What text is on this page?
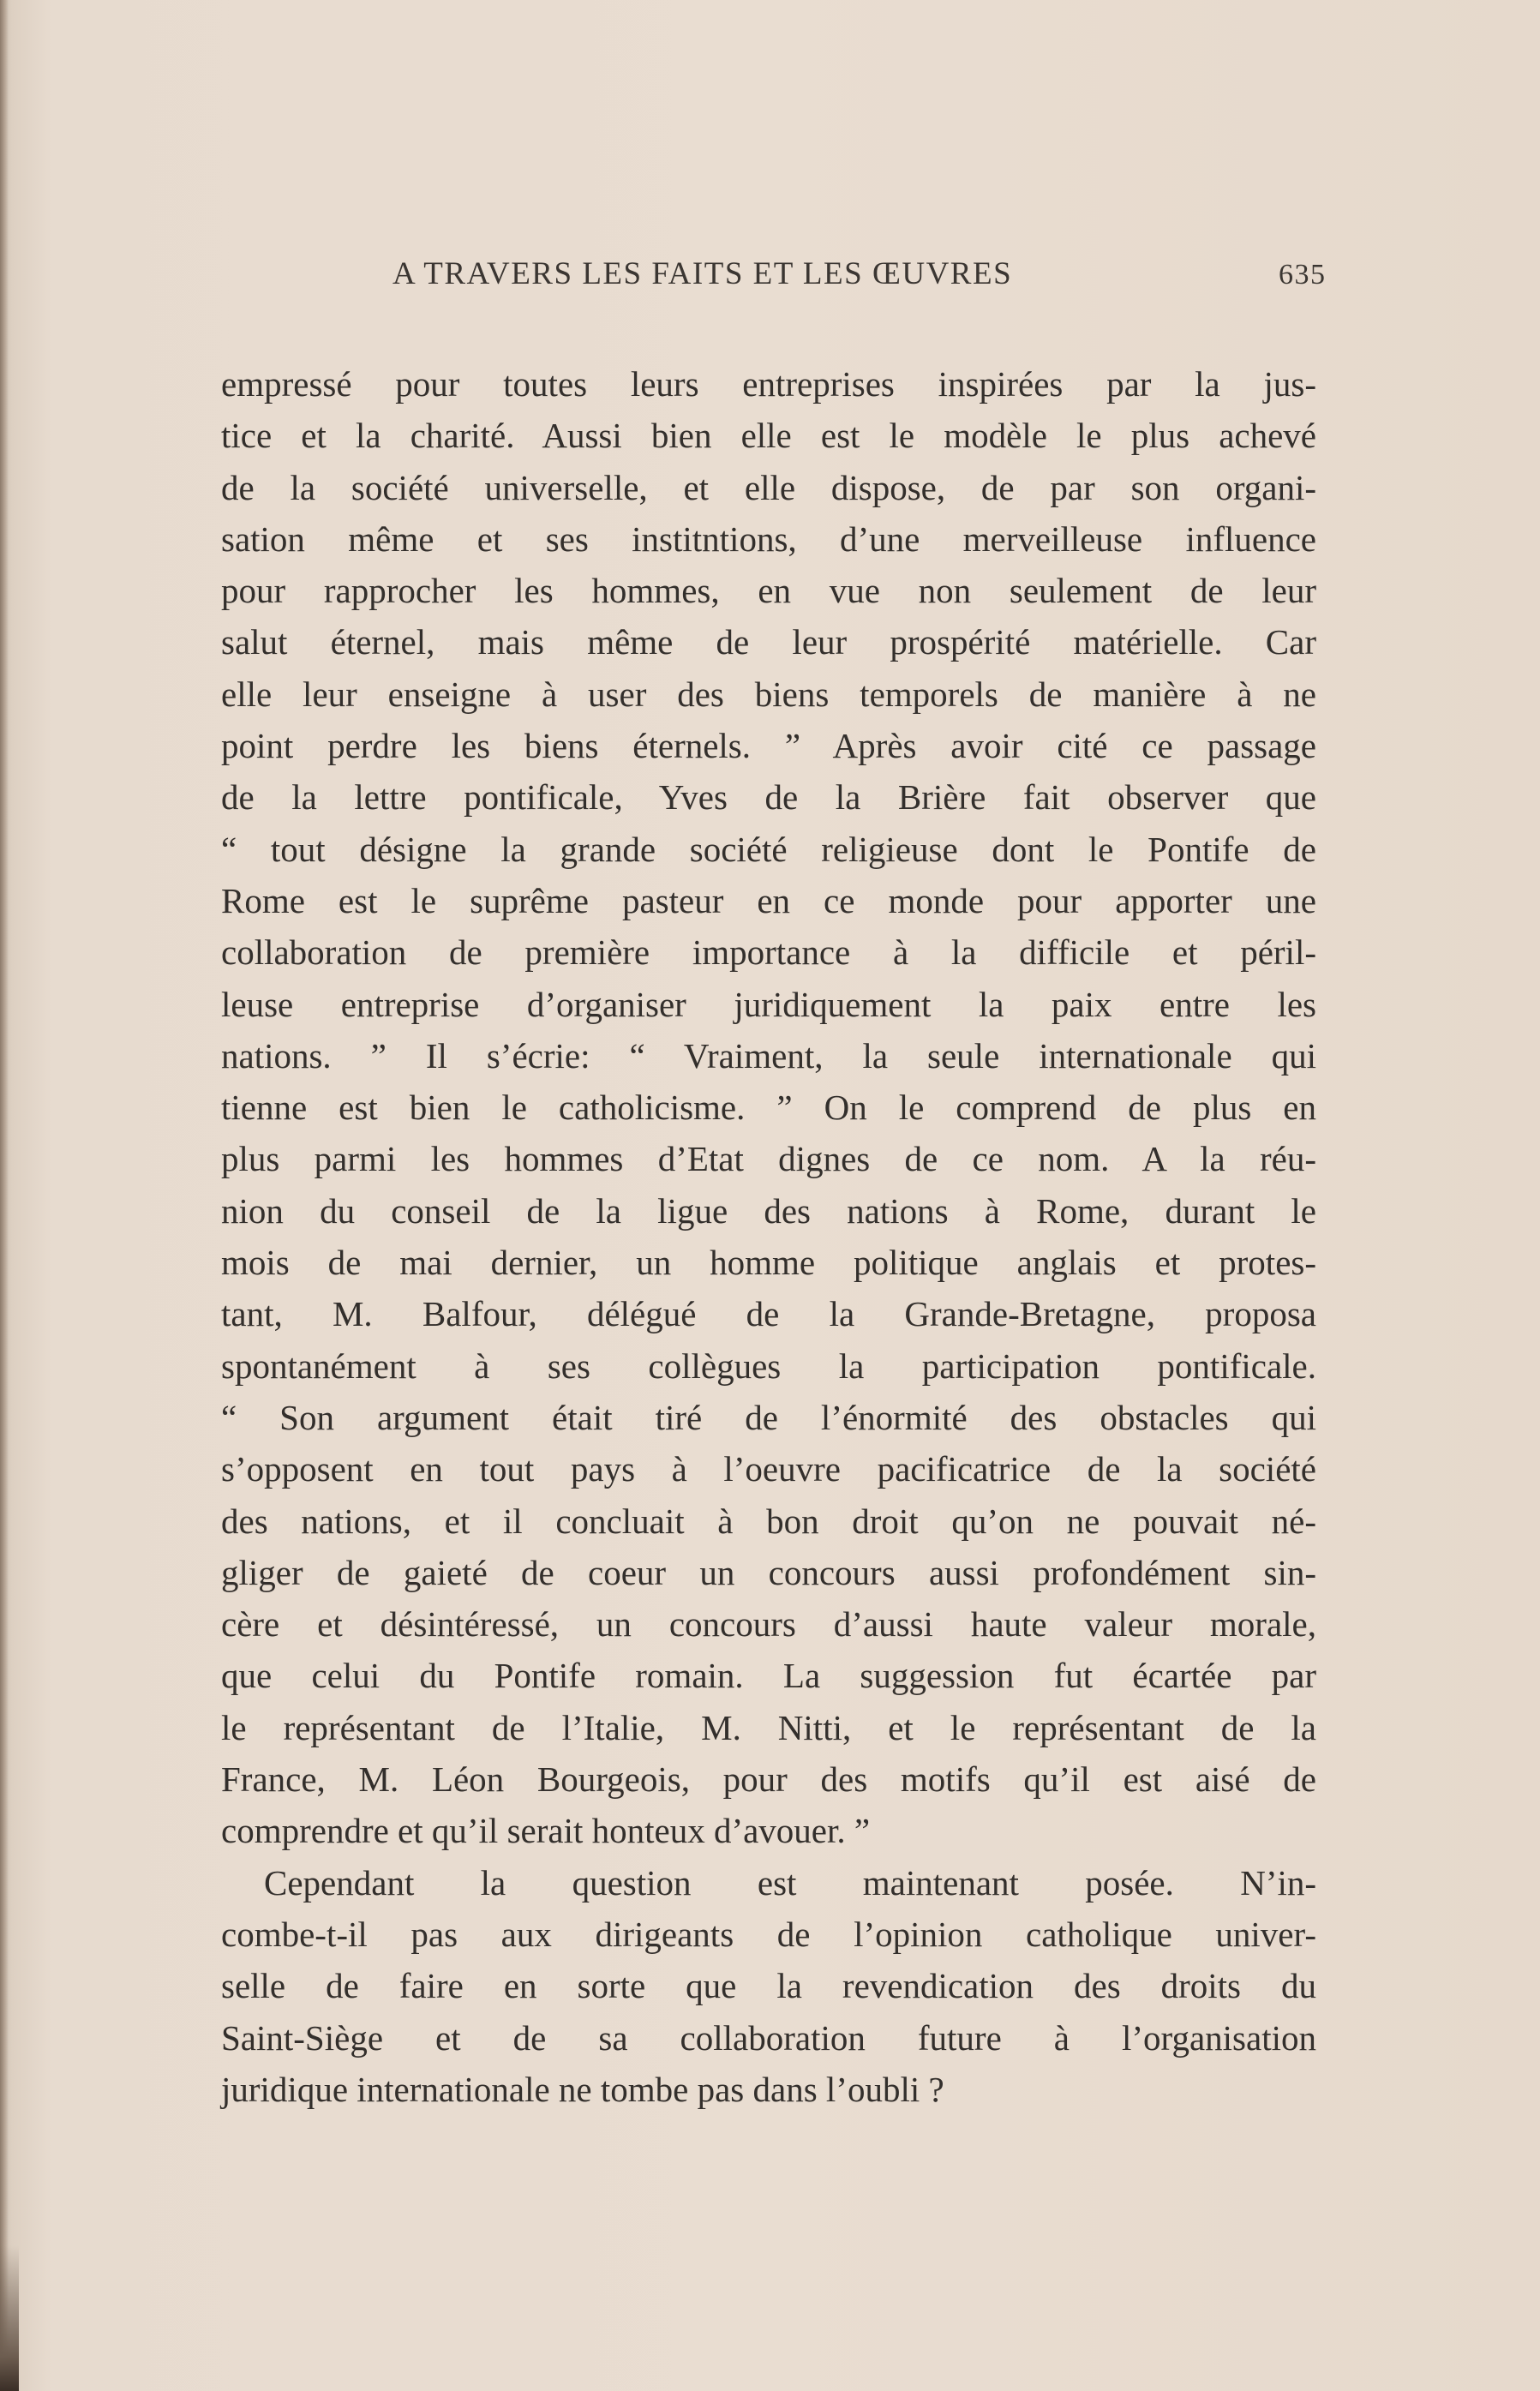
A TRAVERS LES FAITS ET LES ŒUVRES	635
empressé pour toutes leurs entreprises inspirées par la jus-
tice et la charité. Aussi bien elle est le modèle le plus achevé
de la société universelle, et elle dispose, de par son organi-
sation même et ses institntions, d’une merveilleuse influence
pour rapprocher les hommes, en vue non seulement de leur
salut éternel, mais même de leur prospérité matérielle. Car
elle leur enseigne à user des biens temporels de manière à ne
point perdre les biens éternels. ” Après avoir cité ce passage
de la lettre pontificale, Yves de la Brière fait observer que
“ tout désigne la grande société religieuse dont le Pontife de
Rome est le suprême pasteur en ce monde pour apporter une
collaboration de première importance à la difficile et péril-
leuse entreprise d’organiser juridiquement la paix entre les
nations. ” Il s’écrie: “ Vraiment, la seule internationale qui
tienne est bien le catholicisme. ” On le comprend de plus en
plus parmi les hommes d’Etat dignes de ce nom. A la réu-
nion du conseil de la ligue des nations à Rome, durant le
mois de mai dernier, un homme politique anglais et protes-
tant, M. Balfour, délégué de la Grande-Bretagne, proposa
spontanément à ses collègues la participation pontificale.
“ Son argument était tiré de l’énormité des obstacles qui
s’opposent en tout pays à l’oeuvre pacificatrice de la société
des nations, et il concluait à bon droit qu’on ne pouvait né-
gliger de gaieté de coeur un concours aussi profondément sin-
cère et désintéressé, un concours d’aussi haute valeur morale,
que celui du Pontife romain. La suggession fut écartée par
le représentant de l’Italie, M. Nitti, et le représentant de la
France, M. Léon Bourgeois, pour des motifs qu’il est aisé de
comprendre et qu’il serait honteux d’avouer. ”
Cependant la question est maintenant posée. N’in-
combe-t-il pas aux dirigeants de l’opinion catholique univer-
selle de faire en sorte que la revendication des droits du
Saint-Siège et de sa collaboration future à l’organisation
juridique internationale ne tombe pas dans l’oubli ?
